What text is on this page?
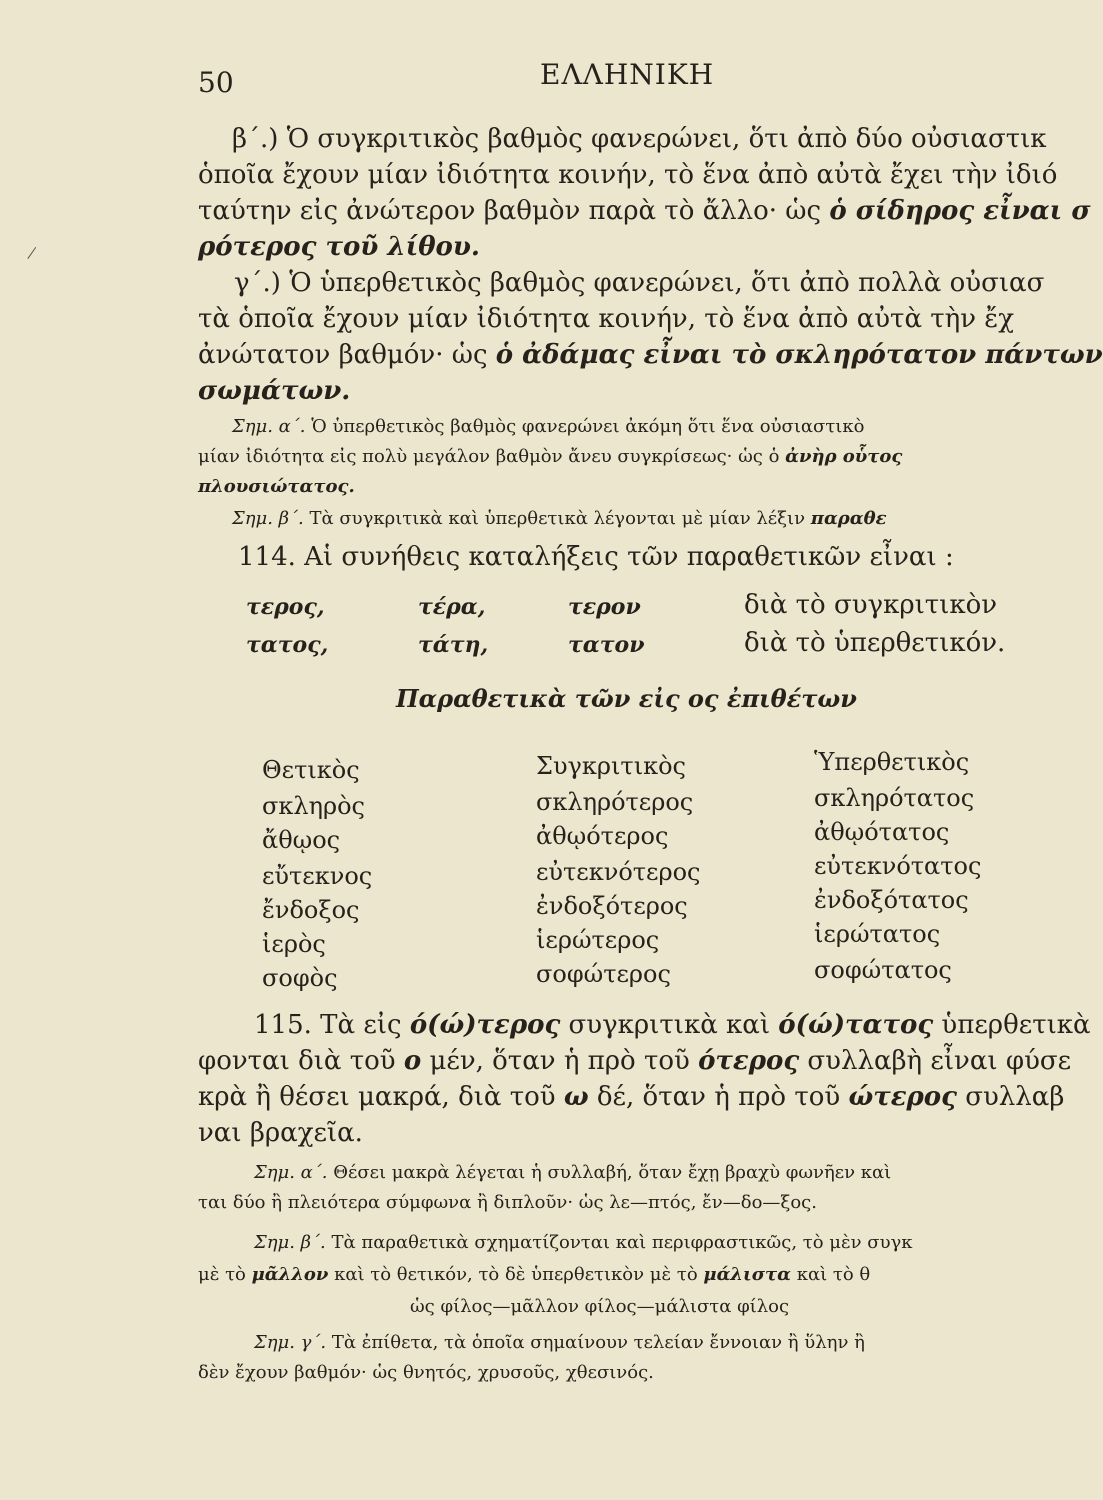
50	ΕΛΛΗΝΙΚΗ
β΄.) Ὁ συγκριτικὸς βαθμὸς φανερώνει, ὅτι ἀπὸ δύο οὐσιαστικ
ὁποῖα ἔχουν μίαν ἰδιότητα κοινήν, τὸ ἕνα ἀπὸ αὐτὰ ἔχει τὴν ἰδιό
ταύτην εἰς ἀνώτερον βαθμὸν παρὰ τὸ ἄλλο· ὡς ὁ σίδηρος εἶναι σ
ρότερος τοῦ λίθου.
γ΄.) Ὁ ὑπερθετικὸς βαθμὸς φανερώνει, ὅτι ἀπὸ πολλὰ οὐσιασ
τὰ ὁποῖα ἔχουν μίαν ἰδιότητα κοινήν, τὸ ἕνα ἀπὸ αὐτὰ τὴν ἔχ
ἀνώτατον βαθμόν· ὡς ὁ ἀδάμας εἶναι τὸ σκληρότατον πάντων
σωμάτων.
Σημ. α΄. Ὁ ὑπερθετικὸς βαθμὸς φανερώνει ἀκόμη ὅτι ἕνα οὐσιαστικὸ
μίαν ἰδιότητα εἰς πολὺ μεγάλον βαθμὸν ἄνευ συγκρίσεως· ὡς ὁ ἀνὴρ οὗτος
πλουσιώτατος.
Σημ. β΄. Τὰ συγκριτικὰ καὶ ὑπερθετικὰ λέγονται μὲ μίαν λέξιν παραθε
114. Αἱ συνήθεις καταλήξεις τῶν παραθετικῶν εἶναι :
τερος,	τέρα,	τερον	διὰ τὸ συγκριτικὸν
τατος,	τάτη,	τατον	διὰ τὸ ὑπερθετικόν.
Παραθετικὰ τῶν εἰς ος ἐπιθέτων
Θετικὸς	Συγκριτικὸς	Ὑπερθετικὸς
σκληρὸς	σκληρότερος	σκληρότατος
ἄθῳος	ἀθῳότερος	ἀθῳότατος
εὔτεκνος	εὐτεκνότερος	εὐτεκνότατος
ἔνδοξος	ἐνδοξότερος	ἐνδοξότατος
ἱερὸς	ἱερώτερος	ἱερώτατος
σοφὸς	σοφώτερος	σοφώτατος
115. Τὰ εἰς ό(ώ)τερος συγκριτικὰ καὶ ό(ώ)τατος ὑπερθετικὰ
φονται διὰ τοῦ ο μέν, ὅταν ἡ πρὸ τοῦ ότερος συλλαβὴ εἶναι φύσε
κρὰ ἢ θέσει μακρά, διὰ τοῦ ω δέ, ὅταν ἡ πρὸ τοῦ ώτερος συλλαβ
ναι βραχεῖα.
Σημ. α΄. Θέσει μακρὰ λέγεται ἡ συλλαβή, ὅταν ἔχῃ βραχὺ φωνῆεν καὶ
ται δύο ἢ πλειότερα σύμφωνα ἢ διπλοῦν· ὡς λε—πτός, ἔν—δο—ξος.
Σημ. β΄. Τὰ παραθετικὰ σχηματίζονται καὶ περιφραστικῶς, τὸ μὲν συγκ
μὲ τὸ μᾶλλον καὶ τὸ θετικόν, τὸ δὲ ὑπερθετικὸν μὲ τὸ μάλιστα καὶ τὸ θ
ὡς φίλος—μᾶλλον φίλος—μάλιστα φίλος
Σημ. γ΄. Τὰ ἐπίθετα, τὰ ὁποῖα σημαίνουν τελείαν ἔννοιαν ἢ ὕλην ἢ
δὲν ἔχουν βαθμόν· ὡς θνητός, χρυσοῦς, χθεσινός.
